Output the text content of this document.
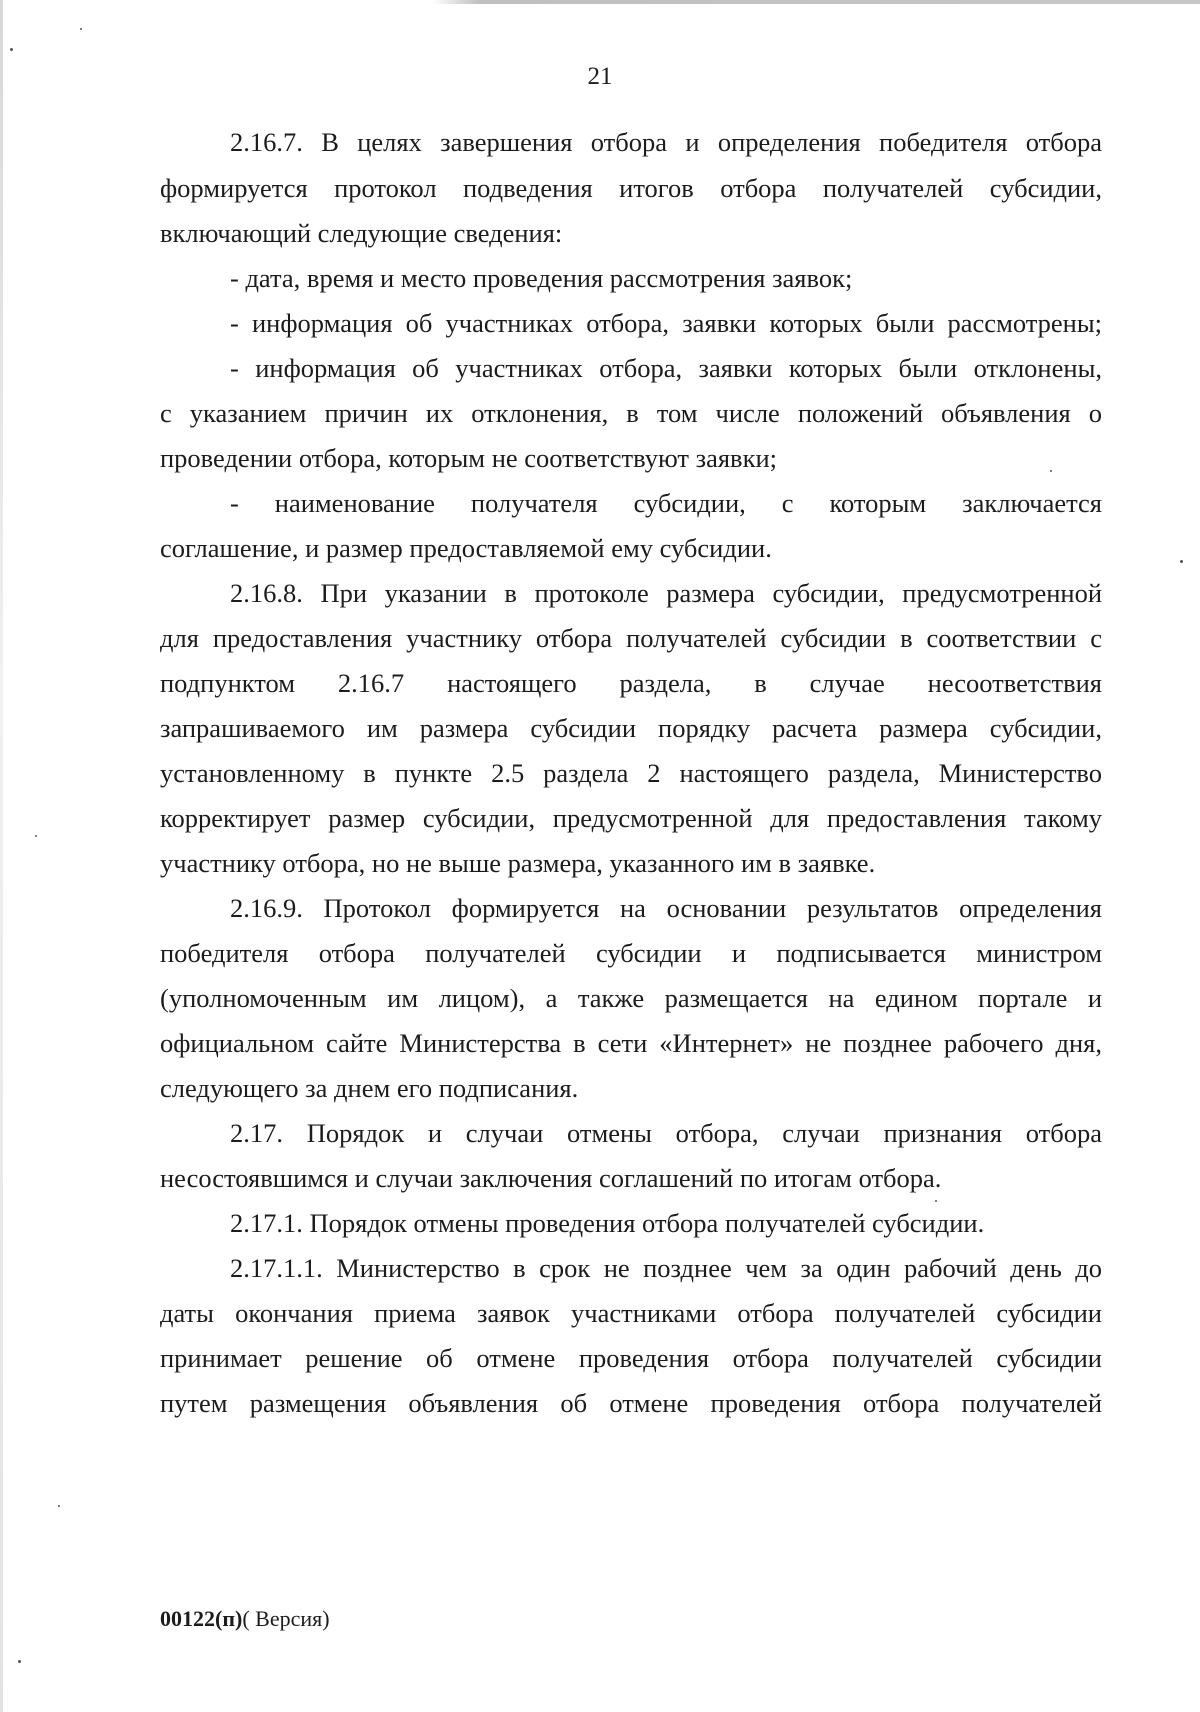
21
2.16.7. В целях завершения отбора и определения победителя отбора
формируется протокол подведения итогов отбора получателей субсидии,
включающий следующие сведения:
- дата, время и место проведения рассмотрения заявок;
- информация об участниках отбора, заявки которых были рассмотрены;
- информация об участниках отбора, заявки которых были отклонены,
с указанием причин их отклонения, в том числе положений объявления о
проведении отбора, которым не соответствуют заявки;
- наименование получателя субсидии, с которым заключается
соглашение, и размер предоставляемой ему субсидии.
2.16.8. При указании в протоколе размера субсидии, предусмотренной
для предоставления участнику отбора получателей субсидии в соответствии с
подпунктом 2.16.7 настоящего раздела, в случае несоответствия
запрашиваемого им размера субсидии порядку расчета размера субсидии,
установленному в пункте 2.5 раздела 2 настоящего раздела, Министерство
корректирует размер субсидии, предусмотренной для предоставления такому
участнику отбора, но не выше размера, указанного им в заявке.
2.16.9. Протокол формируется на основании результатов определения
победителя отбора получателей субсидии и подписывается министром
(уполномоченным им лицом), а также размещается на едином портале и
официальном сайте Министерства в сети «Интернет» не позднее рабочего дня,
следующего за днем его подписания.
2.17. Порядок и случаи отмены отбора, случаи признания отбора
несостоявшимся и случаи заключения соглашений по итогам отбора.
2.17.1. Порядок отмены проведения отбора получателей субсидии.
2.17.1.1. Министерство в срок не позднее чем за один рабочий день до
даты окончания приема заявок участниками отбора получателей субсидии
принимает решение об отмене проведения отбора получателей субсидии
путем размещения объявления об отмене проведения отбора получателей
00122(п)( Версия)
